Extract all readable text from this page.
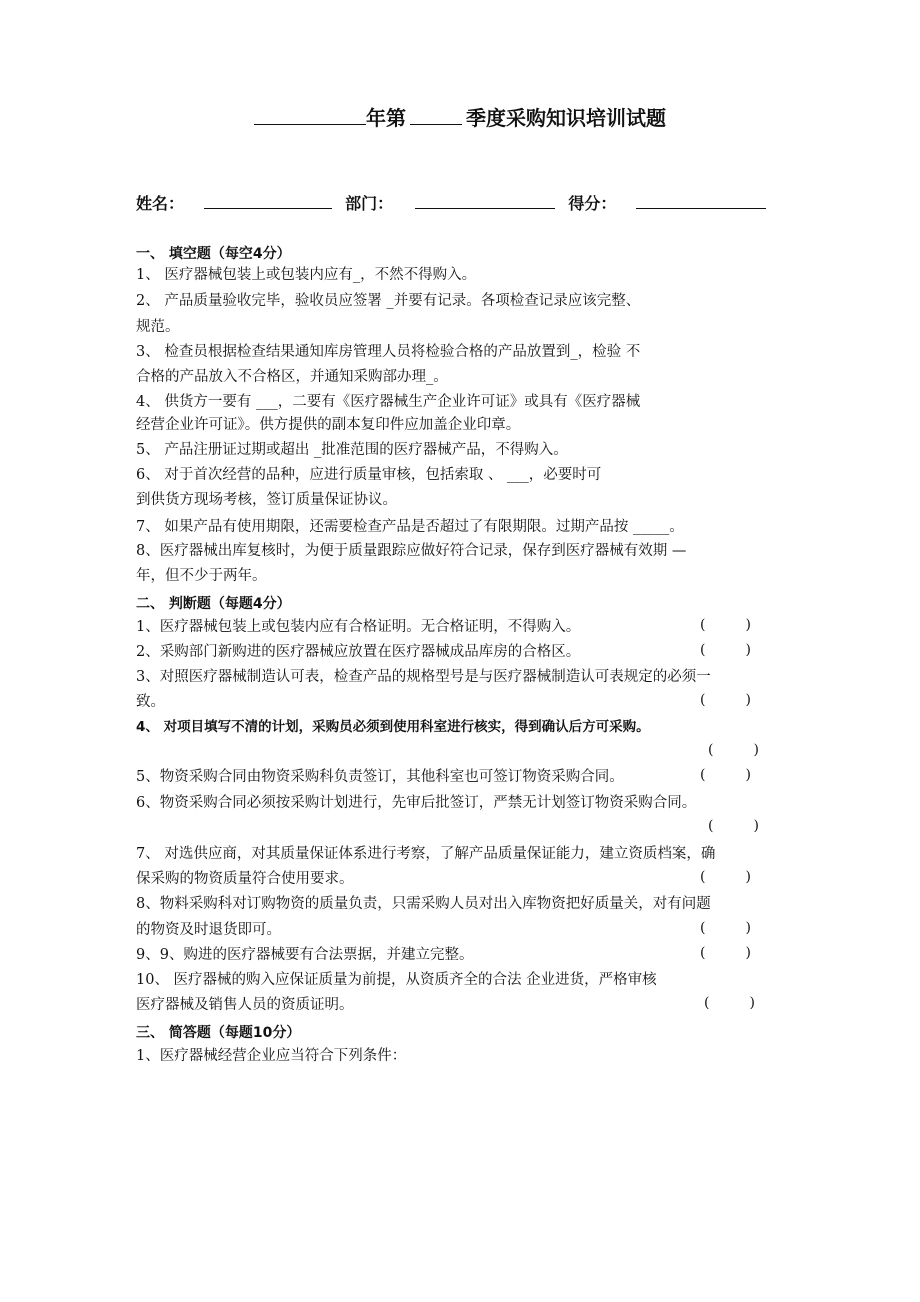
年第	季度采购知识培训试题
姓名：	部门：	得分：
一、 填空题（每空4分）
1、 医疗器械包装上或包装内应有_，不然不得购入。
2、 产品质量验收完毕，验收员应签署 _并要有记录。各项检查记录应该完整、
规范。
3、 检查员根据检查结果通知库房管理人员将检验合格的产品放置到_，检验 不
合格的产品放入不合格区，并通知采购部办理_。
4、 供货方一要有 ___，二要有《医疗器械生产企业许可证》或具有《医疗器械
经营企业许可证》。供方提供的副本复印件应加盖企业印章。
5、 产品注册证过期或超出 _批准范围的医疗器械产品，不得购入。
6、 对于首次经营的品种，应进行质量审核，包括索取 、 ___，必要时可
到供货方现场考核，签订质量保证协议。
7、 如果产品有使用期限，还需要检查产品是否超过了有限期限。过期产品按 _____。
8、医疗器械出库复核时，为便于质量跟踪应做好符合记录，保存到医疗器械有效期 —
年，但不少于两年。
二、 判断题（每题4分）
1、医疗器械包装上或包装内应有合格证明。无合格证明，不得购入。	(         )
2、采购部门新购进的医疗器械应放置在医疗器械成品库房的合格区。	(         )
3、对照医疗器械制造认可表，检查产品的规格型号是与医疗器械制造认可表规定的必须一
致。	(         )
4、 对项目填写不清的计划，采购员必须到使用科室进行核实，得到确认后方可采购。
(         )
5、物资采购合同由物资采购科负责签订，其他科室也可签订物资采购合同。	(         )
6、物资采购合同必须按采购计划进行，先审后批签订，严禁无计划签订物资采购合同。
(         )
7、 对选供应商，对其质量保证体系进行考察，了解产品质量保证能力，建立资质档案，确
保采购的物资质量符合使用要求。	(         )
8、物料采购科对订购物资的质量负责，只需采购人员对出入库物资把好质量关，对有问题
的物资及时退货即可。	(         )
9、9、购进的医疗器械要有合法票据，并建立完整。	(         )
10、 医疗器械的购入应保证质量为前提，从资质齐全的合法 企业进货，严格审核
医疗器械及销售人员的资质证明。	(         )
三、 简答题（每题10分）
1、医疗器械经营企业应当符合下列条件：
